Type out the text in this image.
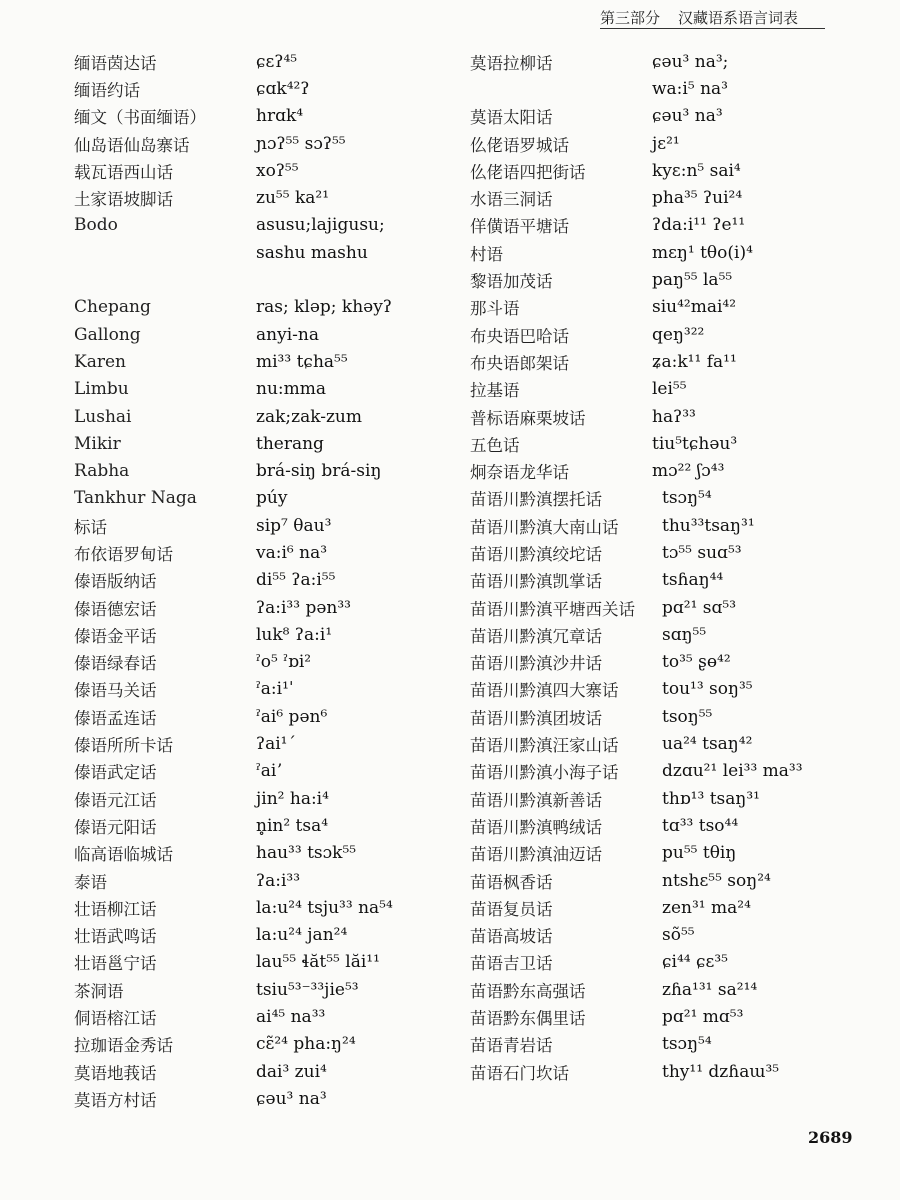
第三部分 汉藏语系语言词表
缅语茵达话	ɕɛʔ⁴⁵
缅语约话	ɕɑk⁴²ʔ
缅文（书面缅语）	hrɑk⁴
仙岛语仙岛寨话	ɲɔʔ⁵⁵ sɔʔ⁵⁵
载瓦语西山话	xoʔ⁵⁵
土家语坡脚话	zu⁵⁵ ka²¹
Bodo	asusu;lajigusu;
sashu mashu
Chepang	ras; kləp; khəyʔ
Gallong	anyi-na
Karen	mi³³ tɕha⁵⁵
Limbu	nu:mma
Lushai	zak;zak-zum
Mikir	therang
Rabha	brá-siŋ brá-siŋ
Tankhur Naga	púy
标话	sip⁷ θau³
布依语罗甸话	va:i⁶ na³
傣语版纳话	di⁵⁵ ʔa:i⁵⁵
傣语德宏话	ʔa:i³³ pən³³
傣语金平话	luk⁸ ʔa:i¹
傣语绿春话	ˀo⁵ ˀɒi²
傣语马关话	ˀa:i¹ˈ
傣语孟连话	ˀai⁶ pən⁶
傣语所所卡话	ʔai¹ˊ
傣语武定话	ˀaiʼ
傣语元江话	jin² ha:i⁴
傣语元阳话	n̥in² tsa⁴
临高语临城话	hau³³ tsɔk⁵⁵
泰语	ʔa:i³³
壮语柳江话	la:u²⁴ tsju³³ na⁵⁴
壮语武鸣话	la:u²⁴ jan²⁴
壮语邕宁话	lau⁵⁵ ɬăt⁵⁵ lăi¹¹
茶洞语	tsiu⁵³⁻³³jie⁵³
侗语榕江话	ai⁴⁵ na³³
拉珈语金秀话	cɛ̃²⁴ pha:ŋ²⁴
莫语地莪话	dai³ zui⁴
莫语方村话	ɕəu³ na³
莫语拉柳话	ɕəu³ na³;
wa:i⁵ na³
莫语太阳话	ɕəu³ na³
仫佬语罗城话	jɛ²¹
仫佬语四把街话	kyɛ:n⁵ sai⁴
水语三洞话	pha³⁵ ʔui²⁴
佯僙语平塘话	ʔda:i¹¹ ʔe¹¹
村语	mɛŋ¹ tθo(i)⁴
黎语加茂话	paŋ⁵⁵ la⁵⁵
那斗语	siu⁴²mai⁴²
布央语巴哈话	qeŋ³²²
布央语郎架话	ʑa:k¹¹ fa¹¹
拉基语	lei⁵⁵
普标语麻栗坡话	haʔ³³
五色话	tiu⁵tɕhəu³
炯奈语龙华话	mɔ²² ʃɔ⁴³
苗语川黔滇摆托话	tsɔŋ⁵⁴
苗语川黔滇大南山话	thu³³tsaŋ³¹
苗语川黔滇绞坨话	tɔ⁵⁵ suɑ⁵³
苗语川黔滇凯掌话	tsɦaŋ⁴⁴
苗语川黔滇平塘西关话 pɑ²¹ sɑ⁵³
苗语川黔滇冗章话	sɑŋ⁵⁵
苗语川黔滇沙井话	to³⁵ ʂɵ⁴²
苗语川黔滇四大寨话	tou¹³ soŋ³⁵
苗语川黔滇团坡话	tsoŋ⁵⁵
苗语川黔滇汪家山话	ua²⁴ tsaŋ⁴²
苗语川黔滇小海子话	dzɑu²¹ lei³³ ma³³
苗语川黔滇新善话	thɒ¹³ tsaŋ³¹
苗语川黔滇鸭绒话	tɑ³³ tso⁴⁴
苗语川黔滇油迈话	pu⁵⁵ tθiŋ
苗语枫香话	ntshɛ⁵⁵ soŋ²⁴
苗语复员话	zen³¹ ma²⁴
苗语高坡话	sõ⁵⁵
苗语吉卫话	ɕi⁴⁴ ɕɛ³⁵
苗语黔东高强话	zɦa¹³¹ sa²¹⁴
苗语黔东偶里话	pɑ²¹ mɑ⁵³
苗语青岩话	tsɔŋ⁵⁴
苗语石门坎话	thy¹¹ dzɦaɯ³⁵
2689
